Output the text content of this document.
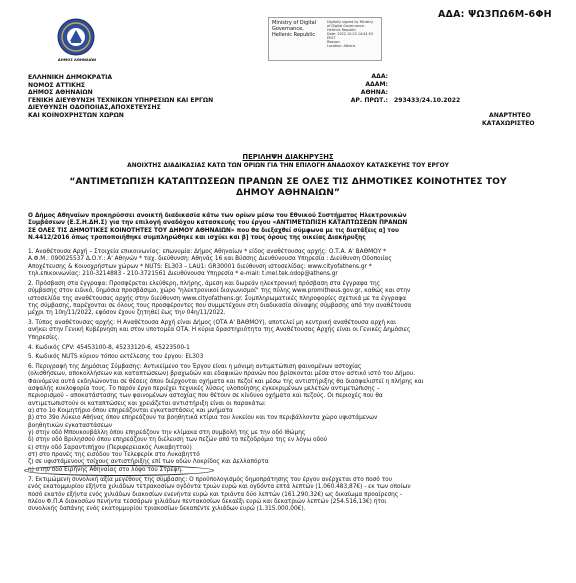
ΑΔΑ: ΨΩ3ΠΩ6Μ-6ΦΗ
Ministry of Digital
Governance,
Hellenic Republic
Digitally signed by Ministry
of Digital Governance,
Hellenic Republic
Date: 2022.10.25 14:44:53
EEST
Reason:
Location: Athens
ΔΗΜΟΣ ΑΘΗΝΑΙΩΝ
ΕΛΛΗΝΙΚΗ ΔΗΜΟΚΡΑΤΙΑ
ΝΟΜΟΣ ΑΤΤΙΚΗΣ
ΔΗΜΟΣ ΑΘΗΝΑΙΩΝ
ΓΕΝΙΚΗ ΔΙΕΥΘΥΝΣΗ ΤΕΧΝΙΚΩΝ ΥΠΗΡΕΣΙΩΝ ΚΑΙ ΕΡΓΩΝ
ΔΙΕΥΘΥΝΣΗ ΟΔΟΠΟΙΙΑΣ,ΑΠΟΧΕΤΕΥΣΗΣ
ΚΑΙ ΚΟΙΝΟΧΡΗΣΤΩΝ ΧΩΡΩΝ
ΑΔΑ:
ΑΔΑΜ:
ΑΘΗΝΑ:
ΑΡ. ΠΡΩΤ.: 293433/24.10.2022
ΑΝΑΡΤΗΤΕΟ
ΚΑΤΑΧΩΡΙΣΤΕΟ
ΠΕΡΙΛΗΨΗ ΔΙΑΚΗΡΥΞΗΣ
ΑΝΟΙΧΤΗΣ ΔΙΑΔΙΚΑΣΙΑΣ ΚΑΤΩ ΤΩΝ ΟΡΙΩΝ ΓΙΑ ΤΗΝ ΕΠΙΛΟΓΗ ΑΝΑΔΟΧΟΥ ΚΑΤΑΣΚΕΥΗΣ ΤΟΥ ΕΡΓΟΥ
“ΑΝΤΙΜΕΤΩΠΙΣΗ ΚΑΤΑΠΤΩΣΕΩΝ ΠΡΑΝΩΝ ΣΕ ΟΛΕΣ ΤΙΣ ΔΗΜΟΤΙΚΕΣ ΚΟΙΝΟΤΗΤΕΣ ΤΟΥ
ΔΗΜΟΥ ΑΘΗΝΑΙΩΝ”
Ο Δήμος Αθηναίων προκηρύσσει ανοικτή διαδικασία κάτω των ορίων μέσω του Εθνικού Συστήματος Ηλεκτρονικών
Συμβάσεων (Ε.Σ.Η.ΔΗ.Σ) για την επιλογή αναδόχου κατασκευής του έργου «ΑΝΤΙΜΕΤΩΠΙΣΗ ΚΑΤΑΠΤΩΣΕΩΝ ΠΡΑΝΩΝ
ΣΕ ΟΛΕΣ ΤΙΣ ΔΗΜΟΤΙΚΕΣ ΚΟΙΝΟΤΗΤΕΣ ΤΟΥ ΔΗΜΟΥ ΑΘΗΝΑΙΩΝ» που θα διεξαχθεί σύμφωνα με τις διατάξεις α] του
Ν.4412/2016 όπως τροποποιήθηκε συμπληρώθηκε και ισχύει και β] τους όρους της οικείας Διακήρυξης
1. Αναθέτουσα Αρχή – Στοιχεία επικοινωνίας: επωνυμία: Δήμος Αθηναίων * είδος αναθέτουσας αρχής: Ο.Τ.Α. Α' ΒΑΘΜΟΥ *
Α.Φ.Μ.: 090025537 Δ.Ο.Υ.: Α' Αθηνών * ταχ. διεύθυνση: Αθηνάς 16 και Βύσσης Διευθύνουσα Υπηρεσία : Διεύθυνση Οδοποιίας
Αποχέτευσης & Κοινοχρήστων χώρων * NUTS: EL303 – LAU1: GR30001 διεύθυνση ιστοσελίδας: www.cityofathens.gr *
τηλ.επικοινωνίας: 210-3214883 - 210-3721561 Διευθύνουσα Υπηρεσία * e-mail: t.mel.tek.odop@athens.gr
2. Πρόσβαση στα έγγραφα: Προσφέρεται ελεύθερη, πλήρης, άμεση και δωρεάν ηλεκτρονική πρόσβαση στα έγγραφα της
σύμβασης στον ειδικό, δημόσια προσβάσιμο, χώρο "ηλεκτρονικοί διαγωνισμοί" της πύλης www.promitheus.gov.gr, καθώς και στην
ιστοσελίδα της αναθέτουσας αρχής στην διεύθυνση www.cityofathens.gr. Συμπληρωματικές πληροφορίες σχετικά με τα έγγραφα
της σύμβασης, παρέχονται σε όλους τους προσφέροντες που συμμετέχουν στη διαδικασία σύναψης σύμβασης από την αναθέτουσα
μέχρι τη 10η/11/2022, εφόσον έχουν ζητηθεί έως την 04η/11/2022.
3. Τύπος αναθέτουσας αρχής: Η Αναθέτουσα Αρχή είναι Δήμος (ΟΤΑ Α' ΒΑΘΜΟΥ), αποτελεί μη κεντρική αναθέτουσα αρχή και
ανήκει στην Γενική Κυβέρνηση και στον υποτομέα ΟΤΑ. Η κύρια δραστηριότητα της Αναθέτουσας Αρχής είναι οι Γενικές Δημόσιες
Υπηρεσίες.
4. Κωδικός CPV: 45453100-8, 45233120-6, 45223500-1
5. Κωδικός NUTS κύριου τόπου εκτέλεσης του έργου: EL303
6. Περιγραφή της Δημόσιας Σύμβασης: Αντικείμενο του Έργου είναι η μόνιμη αντιμετώπιση φαινομένων αστοχίας
(ολισθήσεων, αποκολλήσεων και καταπτώσεων) βραχωδών και εδαφικών πρανών που βρίσκονται μέσα στον αστικό ιστό του Δήμου.
Φαινόμενα αυτά εκδηλώνονται σε θέσεις όπου διέρχονται οχήματα και πεζοί και μέσω της αντιστήριξης θα διασφαλιστεί η πλήρης και
ασφαλής κυκλοφορία τους. Το παρόν έργο περιέχει τεχνικές λύσεις υλοποίησης εγκεκριμένων μελετών αντιμετώπισης –
περιορισμού – αποκατάστασης των φαινομένων αστοχίας που θέτουν σε κίνδυνο οχήματα και πεζούς. Οι περιοχές που θα
αντιμετωπιστούν οι καταπτώσεις και χρειάζεται αντιστήριξη είναι οι παρακάτω:
α) στο 1ο Κοιμητήριο όπου επηρεάζονται εγκαταστάσεις και μνήματα
β) στο 39ο Λύκειο Αθήνας όπου επηρεάζουν τα βοηθητικά κτίρια του λυκείου και τον περιβάλλοντα χώρο υφιστάμενων
βοηθητικών εγκαταστάσεων
γ) στην οδό Μπουκουβάλλη όπου επηρεάζουν την κλίμακα στη συμβολή της με την οδό Ιθώμης
δ) στην οδό Βριλησσού όπου επηρεάζουν τη διέλευση των πεζών από το πεζοδρόμιο της εν λόγω οδού
ε) στην οδό Σαραντιπήχου (Περιφερειακός Λυκαβηττού)
στ) στο πρανές της εισόδου του Τελεφερίκ στο Λυκαβηττό
ζ) σε υφιστάμενους τοίχους αντιστήριξης επί των οδών Λοκρίδος και Δελλαπόρτα
η) στην οδό Ειρήνης Αθηναίας στο λόφο του Στρέφη.
7. Εκτιμώμενη συνολική αξία μεγέθους της σύμβασης: Ο προϋπολογισμός δημοπράτησης του έργου ανέρχεται στο ποσό του
ενός εκατομμυρίου εξήντα χιλιάδων τετρακοσίων ογδόντα τριών ευρώ και ογδόντα επτά λεπτών (1.060.483,87€) - εκ των οποίων
ποσό εκατόν εξήντα ενός χιλιάδων διακοσίων ενενήντα ευρώ και τριάντα δύο λεπτών (161.290,32€) ως δικαίωμα προαίρεσης -
πλέον Φ.Π.Α διακοσίων πενήντα τεσσάρων χιλιάδων πεντακοσίων δεκαέξι ευρώ και δεκατριών λεπτών (254.516,13€) ήτοι
συνολικής δαπάνης ενός εκατομμυρίου τριακοσίων δεκαπέντε χιλιάδων ευρώ (1.315.000,00€).
